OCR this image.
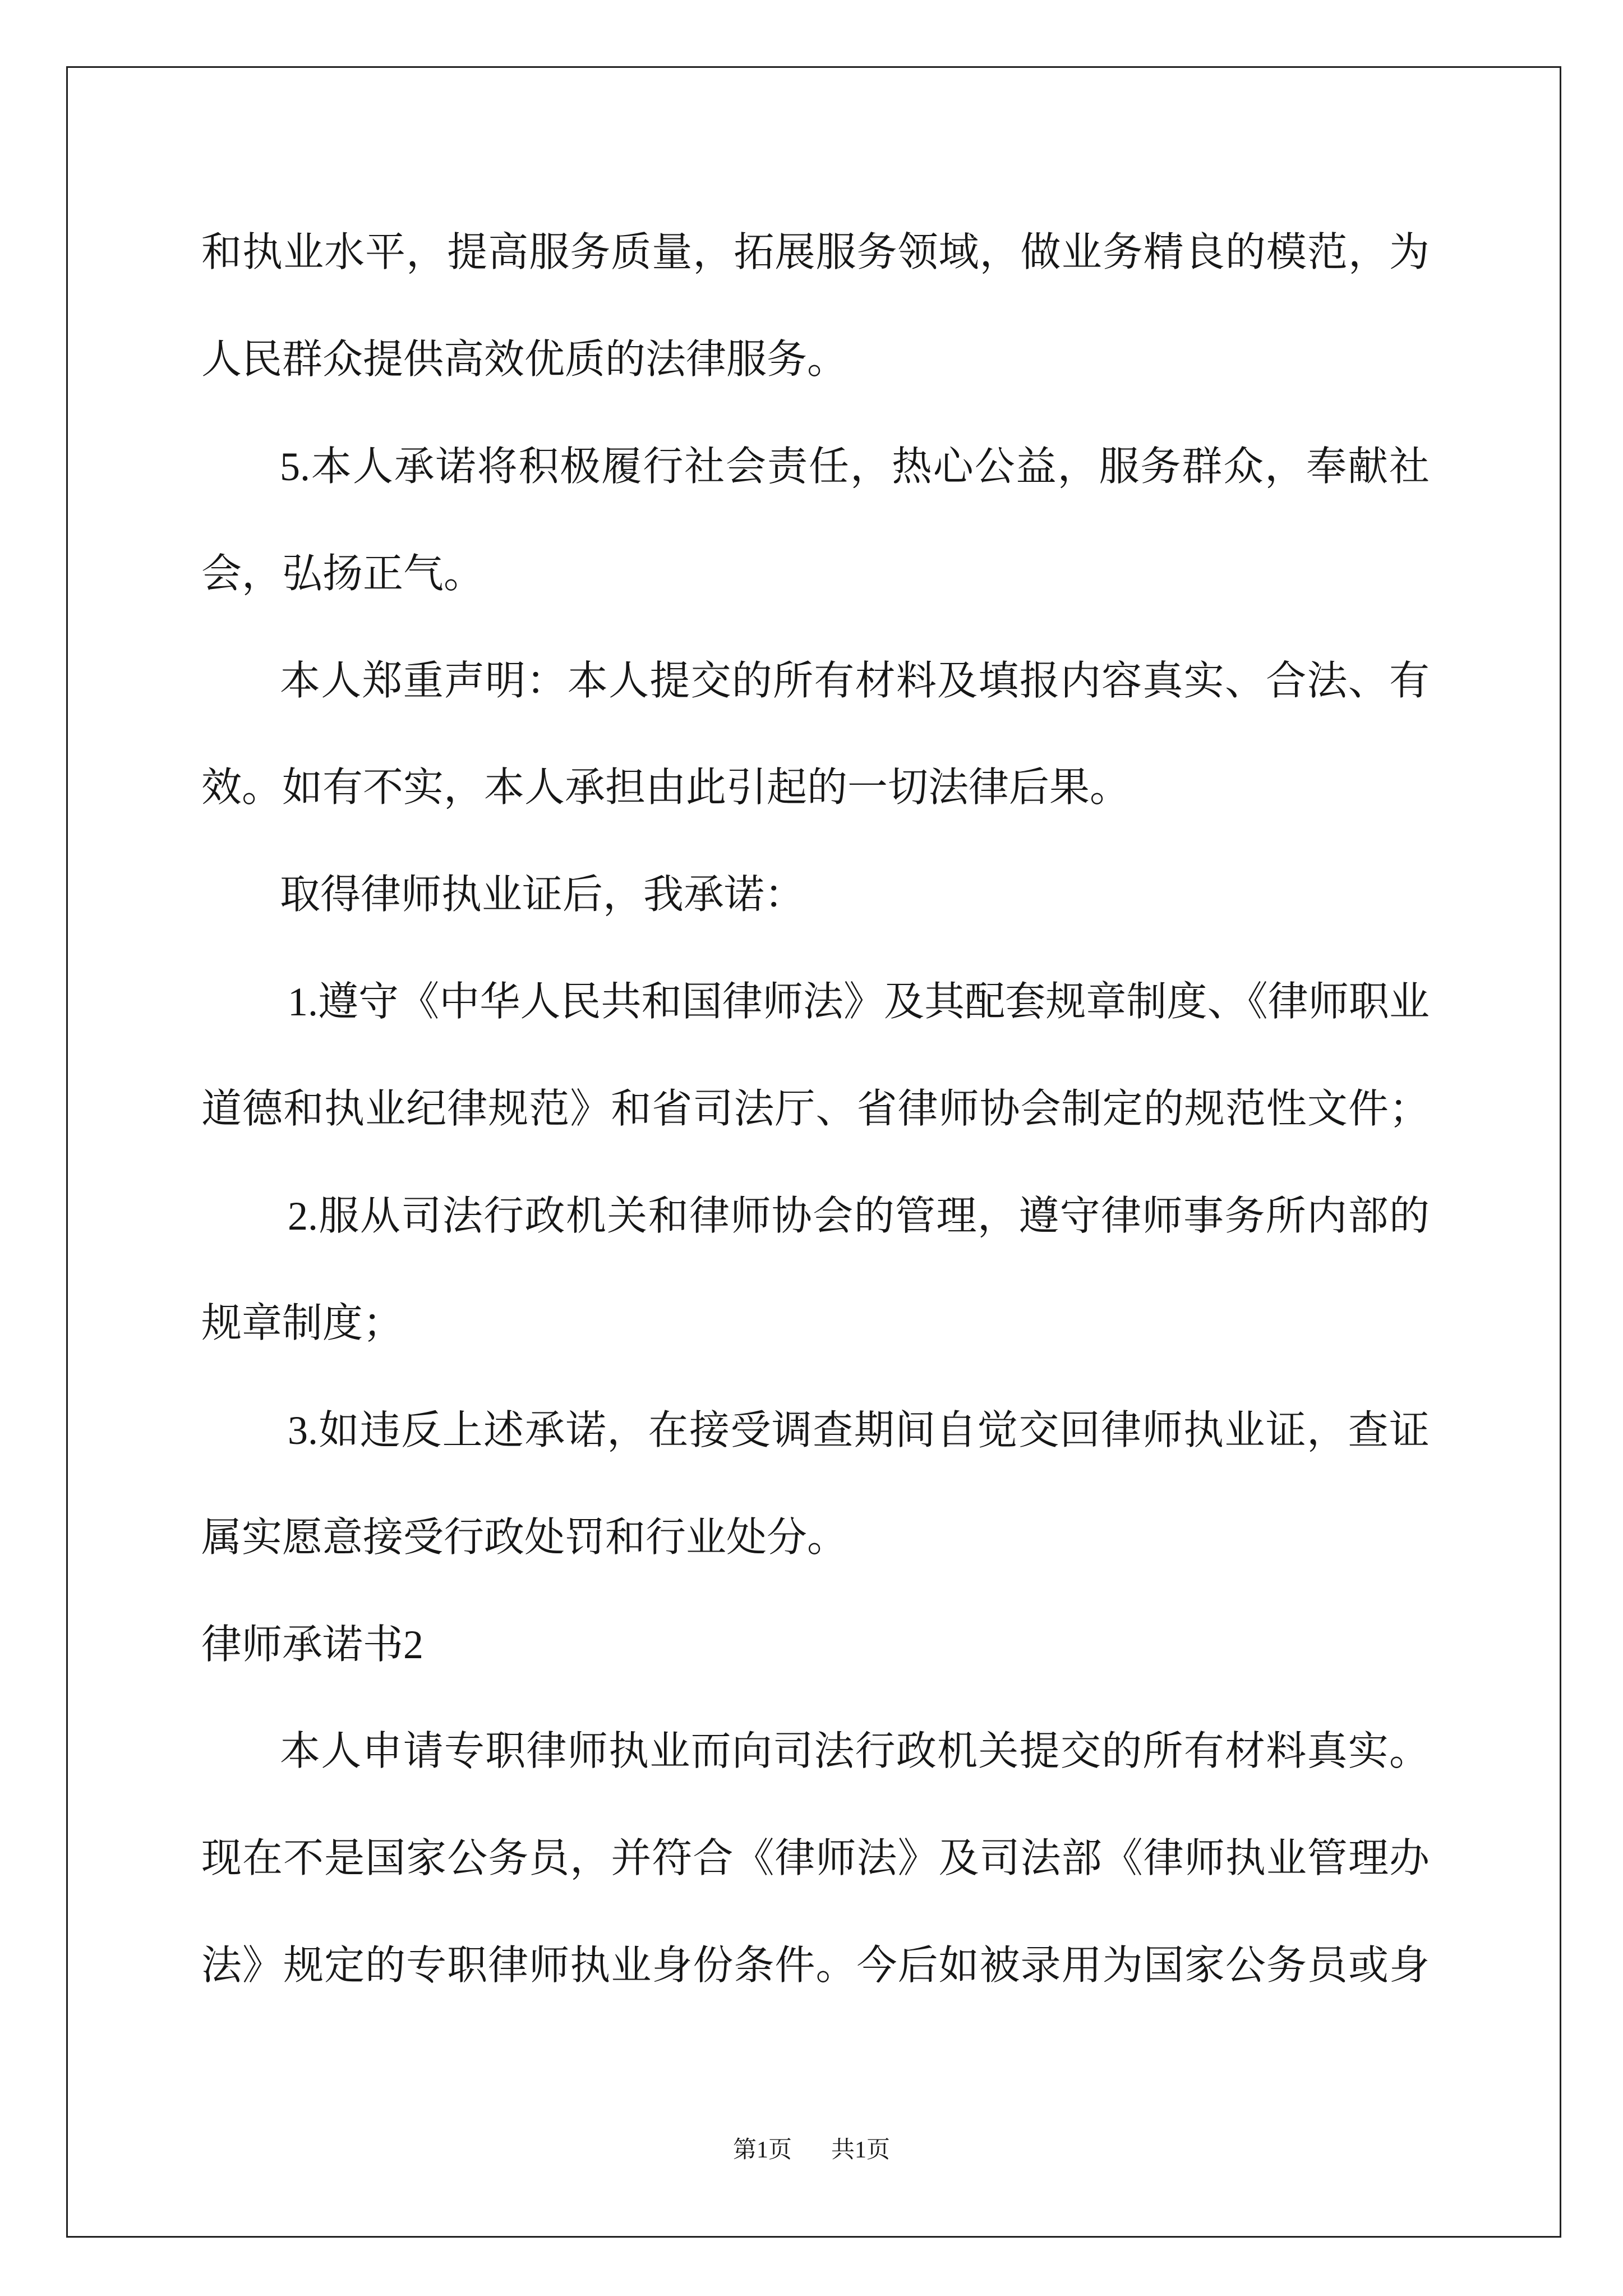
和执业水平，提高服务质量，拓展服务领域，做业务精良的模范，为
人民群众提供高效优质的法律服务。
5.本人承诺将积极履行社会责任，热心公益，服务群众，奉献社
会，弘扬正气。
本人郑重声明：本人提交的所有材料及填报内容真实、合法、有
效。如有不实，本人承担由此引起的一切法律后果。
取得律师执业证后，我承诺：
1.遵守《中华人民共和国律师法》及其配套规章制度、《律师职业
道德和执业纪律规范》和省司法厅、省律师协会制定的规范性文件；
2.服从司法行政机关和律师协会的管理，遵守律师事务所内部的
规章制度；
3.如违反上述承诺，在接受调查期间自觉交回律师执业证，查证
属实愿意接受行政处罚和行业处分。
律师承诺书2
本人申请专职律师执业而向司法行政机关提交的所有材料真实。
现在不是国家公务员，并符合《律师法》及司法部《律师执业管理办
法》规定的专职律师执业身份条件。今后如被录用为国家公务员或身
第1页 共1页
